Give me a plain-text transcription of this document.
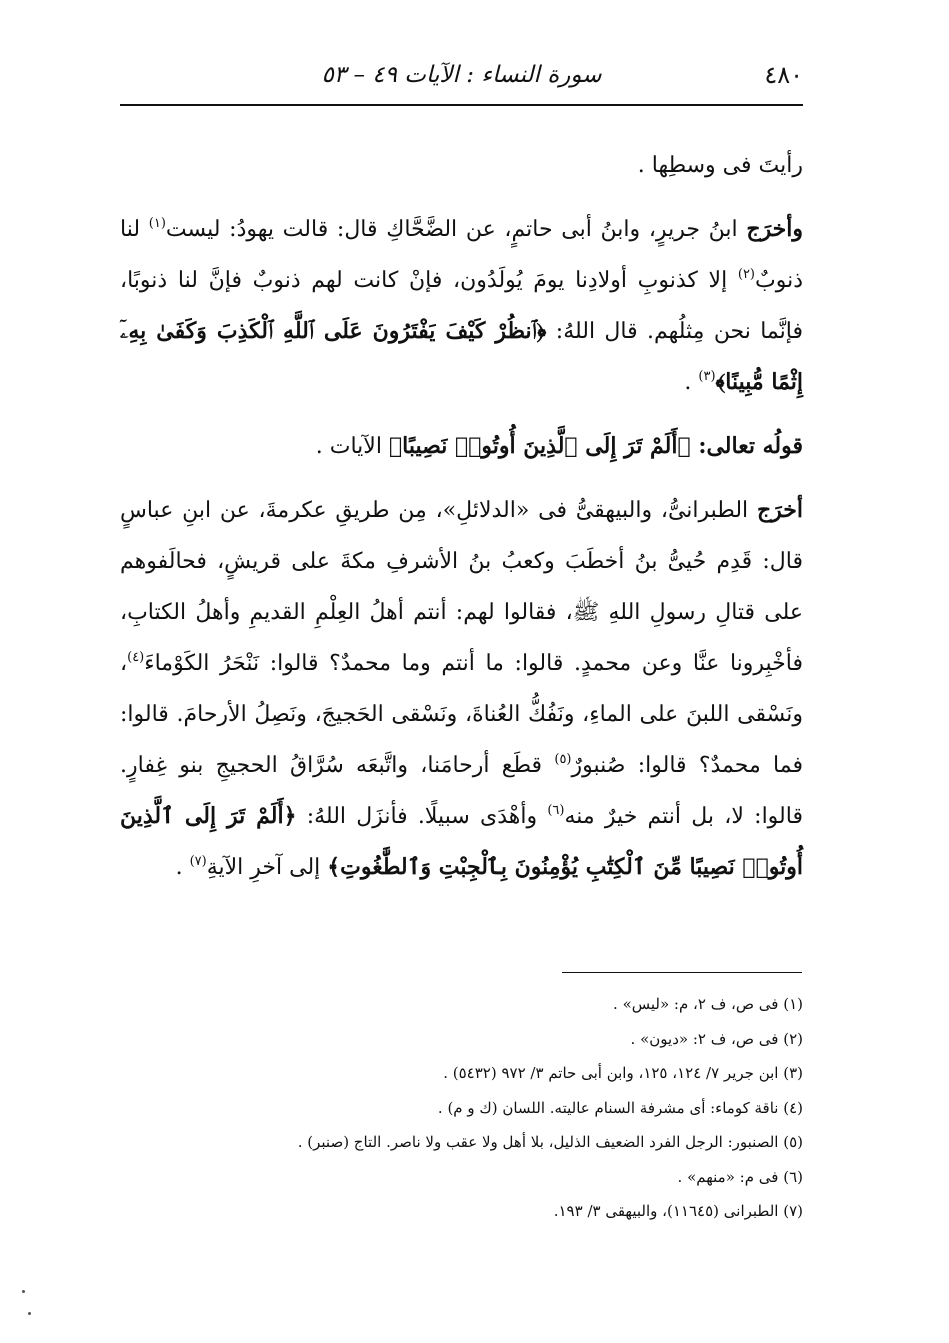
٤٨٠
سورة النساء : الآيات ٤٩ – ٥٣

رأيتَ فى وسطِها .

وأخرَج ابنُ جريرٍ، وابنُ أبى حاتمٍ، عن الضَّحَّاكِ قال: قالت يهودُ: ليست$^{(١)}$ لنا ذنوبٌ$^{(٢)}$ إلا كذنوبِ أولادِنا يومَ يُولَدُون، فإنْ كانت لهم ذنوبٌ فإنَّ لنا ذنوبًا، فإنَّما نحن مِثلُهم. قال اللهُ: ﴿ٱنظُرْ كَيْفَ يَفْتَرُونَ عَلَى ٱللَّهِ ٱلْكَذِبَ وَكَفَىٰ بِهِۦٓ إِثْمًا مُّبِينًا﴾$^{(٣)}$ .

قولُه تعالى: ﴿أَلَمْ تَرَ إِلَى ٱلَّذِينَ أُوتُوا۟ نَصِيبًا﴾ الآيات .

أخرَج الطبرانىُّ، والبيهقىُّ فى «الدلائلِ»، مِن طريقِ عكرمةَ، عن ابنِ عباسٍ قال: قَدِم حُيىُّ بنُ أخطَبَ وكعبُ بنُ الأشرفِ مكةَ على قريشٍ، فحالَفوهم على قتالِ رسولِ اللهِ ﷺ، فقالوا لهم: أنتم أهلُ العِلْمِ القديمِ وأهلُ الكتابِ، فأخْبِرونا عنَّا وعن محمدٍ. قالوا: ما أنتم وما محمدٌ؟ قالوا: نَنْحَرُ الكَوْماءَ$^{(٤)}$، ونَسْقى اللبنَ على الماءِ، ونَفُكُّ العُناةَ، ونَسْقى الحَجيجَ، ونَصِلُ الأرحامَ. قالوا: فما محمدٌ؟ قالوا: صُنبورٌ$^{(٥)}$ قطَع أرحامَنا، واتَّبعَه سُرَّاقُ الحجيجِ بنو غِفارٍ. قالوا: لا، بل أنتم خيرٌ منه$^{(٦)}$ وأهْدَى سبيلًا. فأنزَل اللهُ: ﴿أَلَمْ تَرَ إِلَى ٱلَّذِينَ أُوتُوا۟ نَصِيبًا مِّنَ ٱلْكِتَٰبِ يُؤْمِنُونَ بِٱلْجِبْتِ وَٱلطَّٰغُوتِ﴾ إلى آخرِ الآيةِ$^{(٧)}$ .

(١) فى ص، ف ٢، م: «ليس» .

(٢) فى ص، ف ٢: «ديون» .

(٣) ابن جرير ٧/ ١٢٤، ١٢٥، وابن أبى حاتم ٣/ ٩٧٢ (٥٤٣٢) .

(٤) ناقة كوماء: أى مشرفة السنام عاليته. اللسان (ك و م) .

(٥) الصنبور: الرجل الفرد الضعيف الذليل، بلا أهل ولا عقب ولا ناصر. التاج (صنبر) .

(٦) فى م: «منهم» .

(٧) الطبرانى (١١٦٤٥)، والبيهقى ٣/ ١٩٣.
